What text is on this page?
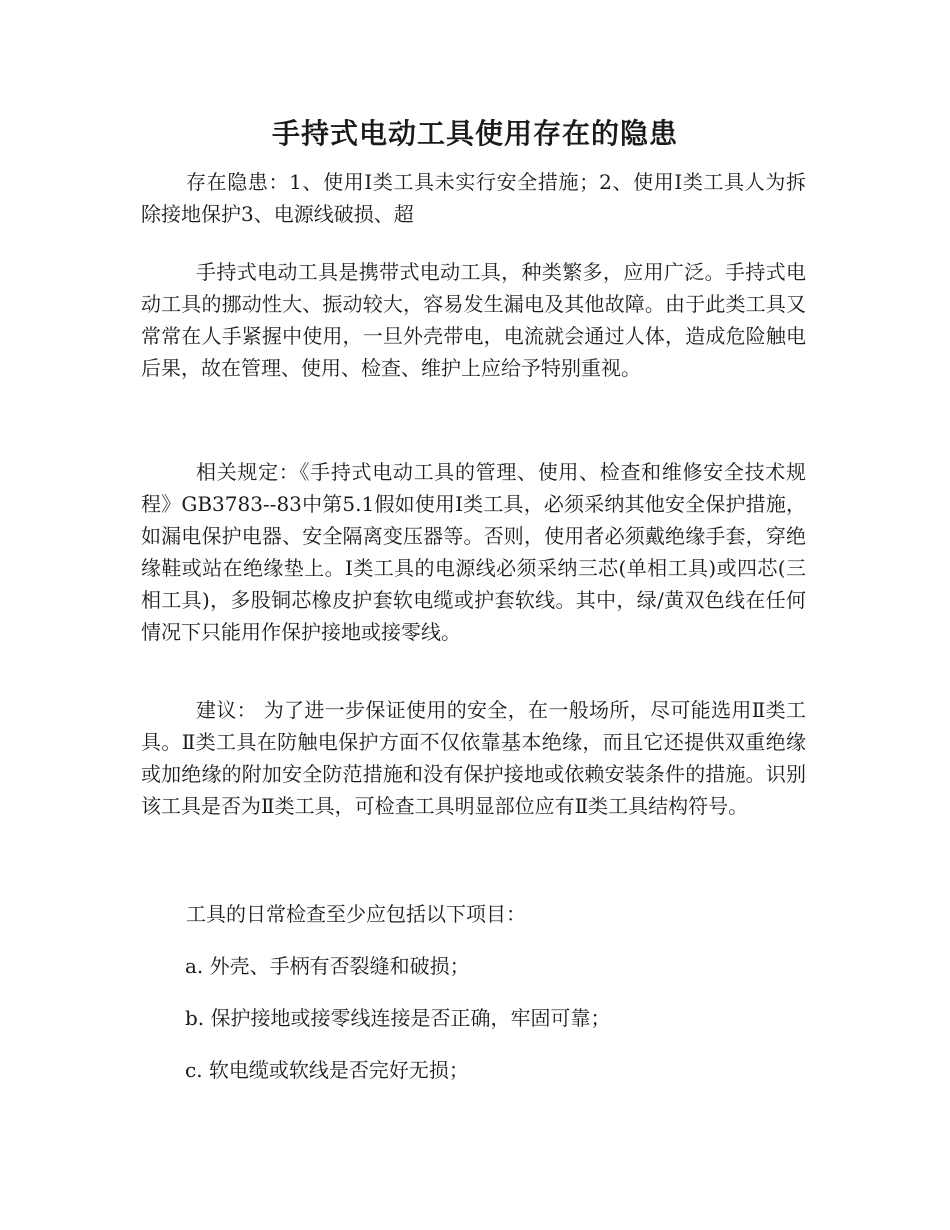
手持式电动工具使用存在的隐患

存在隐患：1、使用Ⅰ类工具未实行安全措施；2、使用Ⅰ类工具人为拆除接地保护3、电源线破损、超

手持式电动工具是携带式电动工具，种类繁多，应用广泛。手持式电动工具的挪动性大、振动较大，容易发生漏电及其他故障。由于此类工具又常常在人手紧握中使用，一旦外壳带电，电流就会通过人体，造成危险触电后果，故在管理、使用、检查、维护上应给予特别重视。

相关规定：《手持式电动工具的管理、使用、检查和维修安全技术规程》GB3783--83中第5.1假如使用Ⅰ类工具，必须采纳其他安全保护措施，如漏电保护电器、安全隔离变压器等。否则，使用者必须戴绝缘手套，穿绝缘鞋或站在绝缘垫上。Ⅰ类工具的电源线必须采纳三芯(单相工具)或四芯(三相工具)，多股铜芯橡皮护套软电缆或护套软线。其中，绿/黄双色线在任何情况下只能用作保护接地或接零线。

建议： 为了进一步保证使用的安全，在一般场所，尽可能选用Ⅱ类工具。Ⅱ类工具在防触电保护方面不仅依靠基本绝缘，而且它还提供双重绝缘或加绝缘的附加安全防范措施和没有保护接地或依赖安装条件的措施。识别该工具是否为Ⅱ类工具，可检查工具明显部位应有Ⅱ类工具结构符号。

工具的日常检查至少应包括以下项目：

a. 外壳、手柄有否裂缝和破损；

b. 保护接地或接零线连接是否正确，牢固可靠；

c. 软电缆或软线是否完好无损；
